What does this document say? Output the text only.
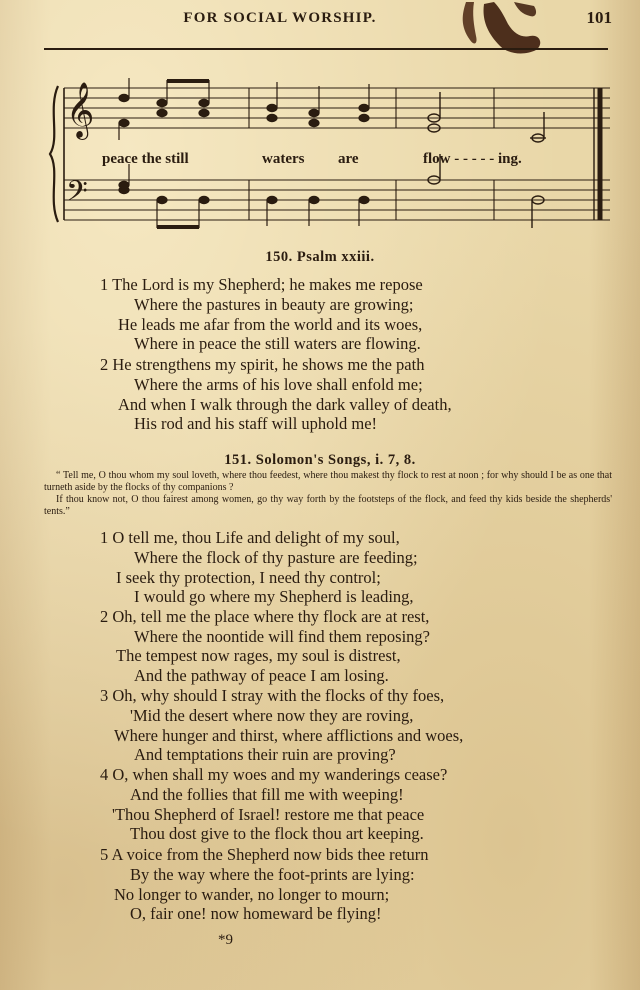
FOR SOCIAL WORSHIP.	101
𝄞
𝄢
peace the still	waters are	flow - - - - - ing.
150. Psalm xxiii.
1 The Lord is my Shepherd; he makes me repose
Where the pastures in beauty are growing;
He leads me afar from the world and its woes,
Where in peace the still waters are flowing.
2 He strengthens my spirit, he shows me the path
Where the arms of his love shall enfold me;
And when I walk through the dark valley of death,
His rod and his staff will uphold me!
151. Solomon's Songs, i. 7, 8.

“ Tell me, O thou whom my soul loveth, where thou feedest, where thou makest thy flock to rest at noon ; for why should I be as one that turneth aside by the flocks of thy companions ?

If thou know not, O thou fairest among women, go thy way forth by the footsteps of the flock, and feed thy kids beside the shepherds' tents.”

1 O tell me, thou Life and delight of my soul,
Where the flock of thy pasture are feeding;
I seek thy protection, I need thy control;
I would go where my Shepherd is leading,
2 Oh, tell me the place where thy flock are at rest,
Where the noontide will find them reposing?
The tempest now rages, my soul is distrest,
And the pathway of peace I am losing.
3 Oh, why should I stray with the flocks of thy foes,
'Mid the desert where now they are roving,
Where hunger and thirst, where afflictions and woes,
And temptations their ruin are proving?
4 O, when shall my woes and my wanderings cease?
And the follies that fill me with weeping!
'Thou Shepherd of Israel! restore me that peace
Thou dost give to the flock thou art keeping.
5 A voice from the Shepherd now bids thee return
By the way where the foot-prints are lying:
No longer to wander, no longer to mourn;
O, fair one! now homeward be flying!
*9
